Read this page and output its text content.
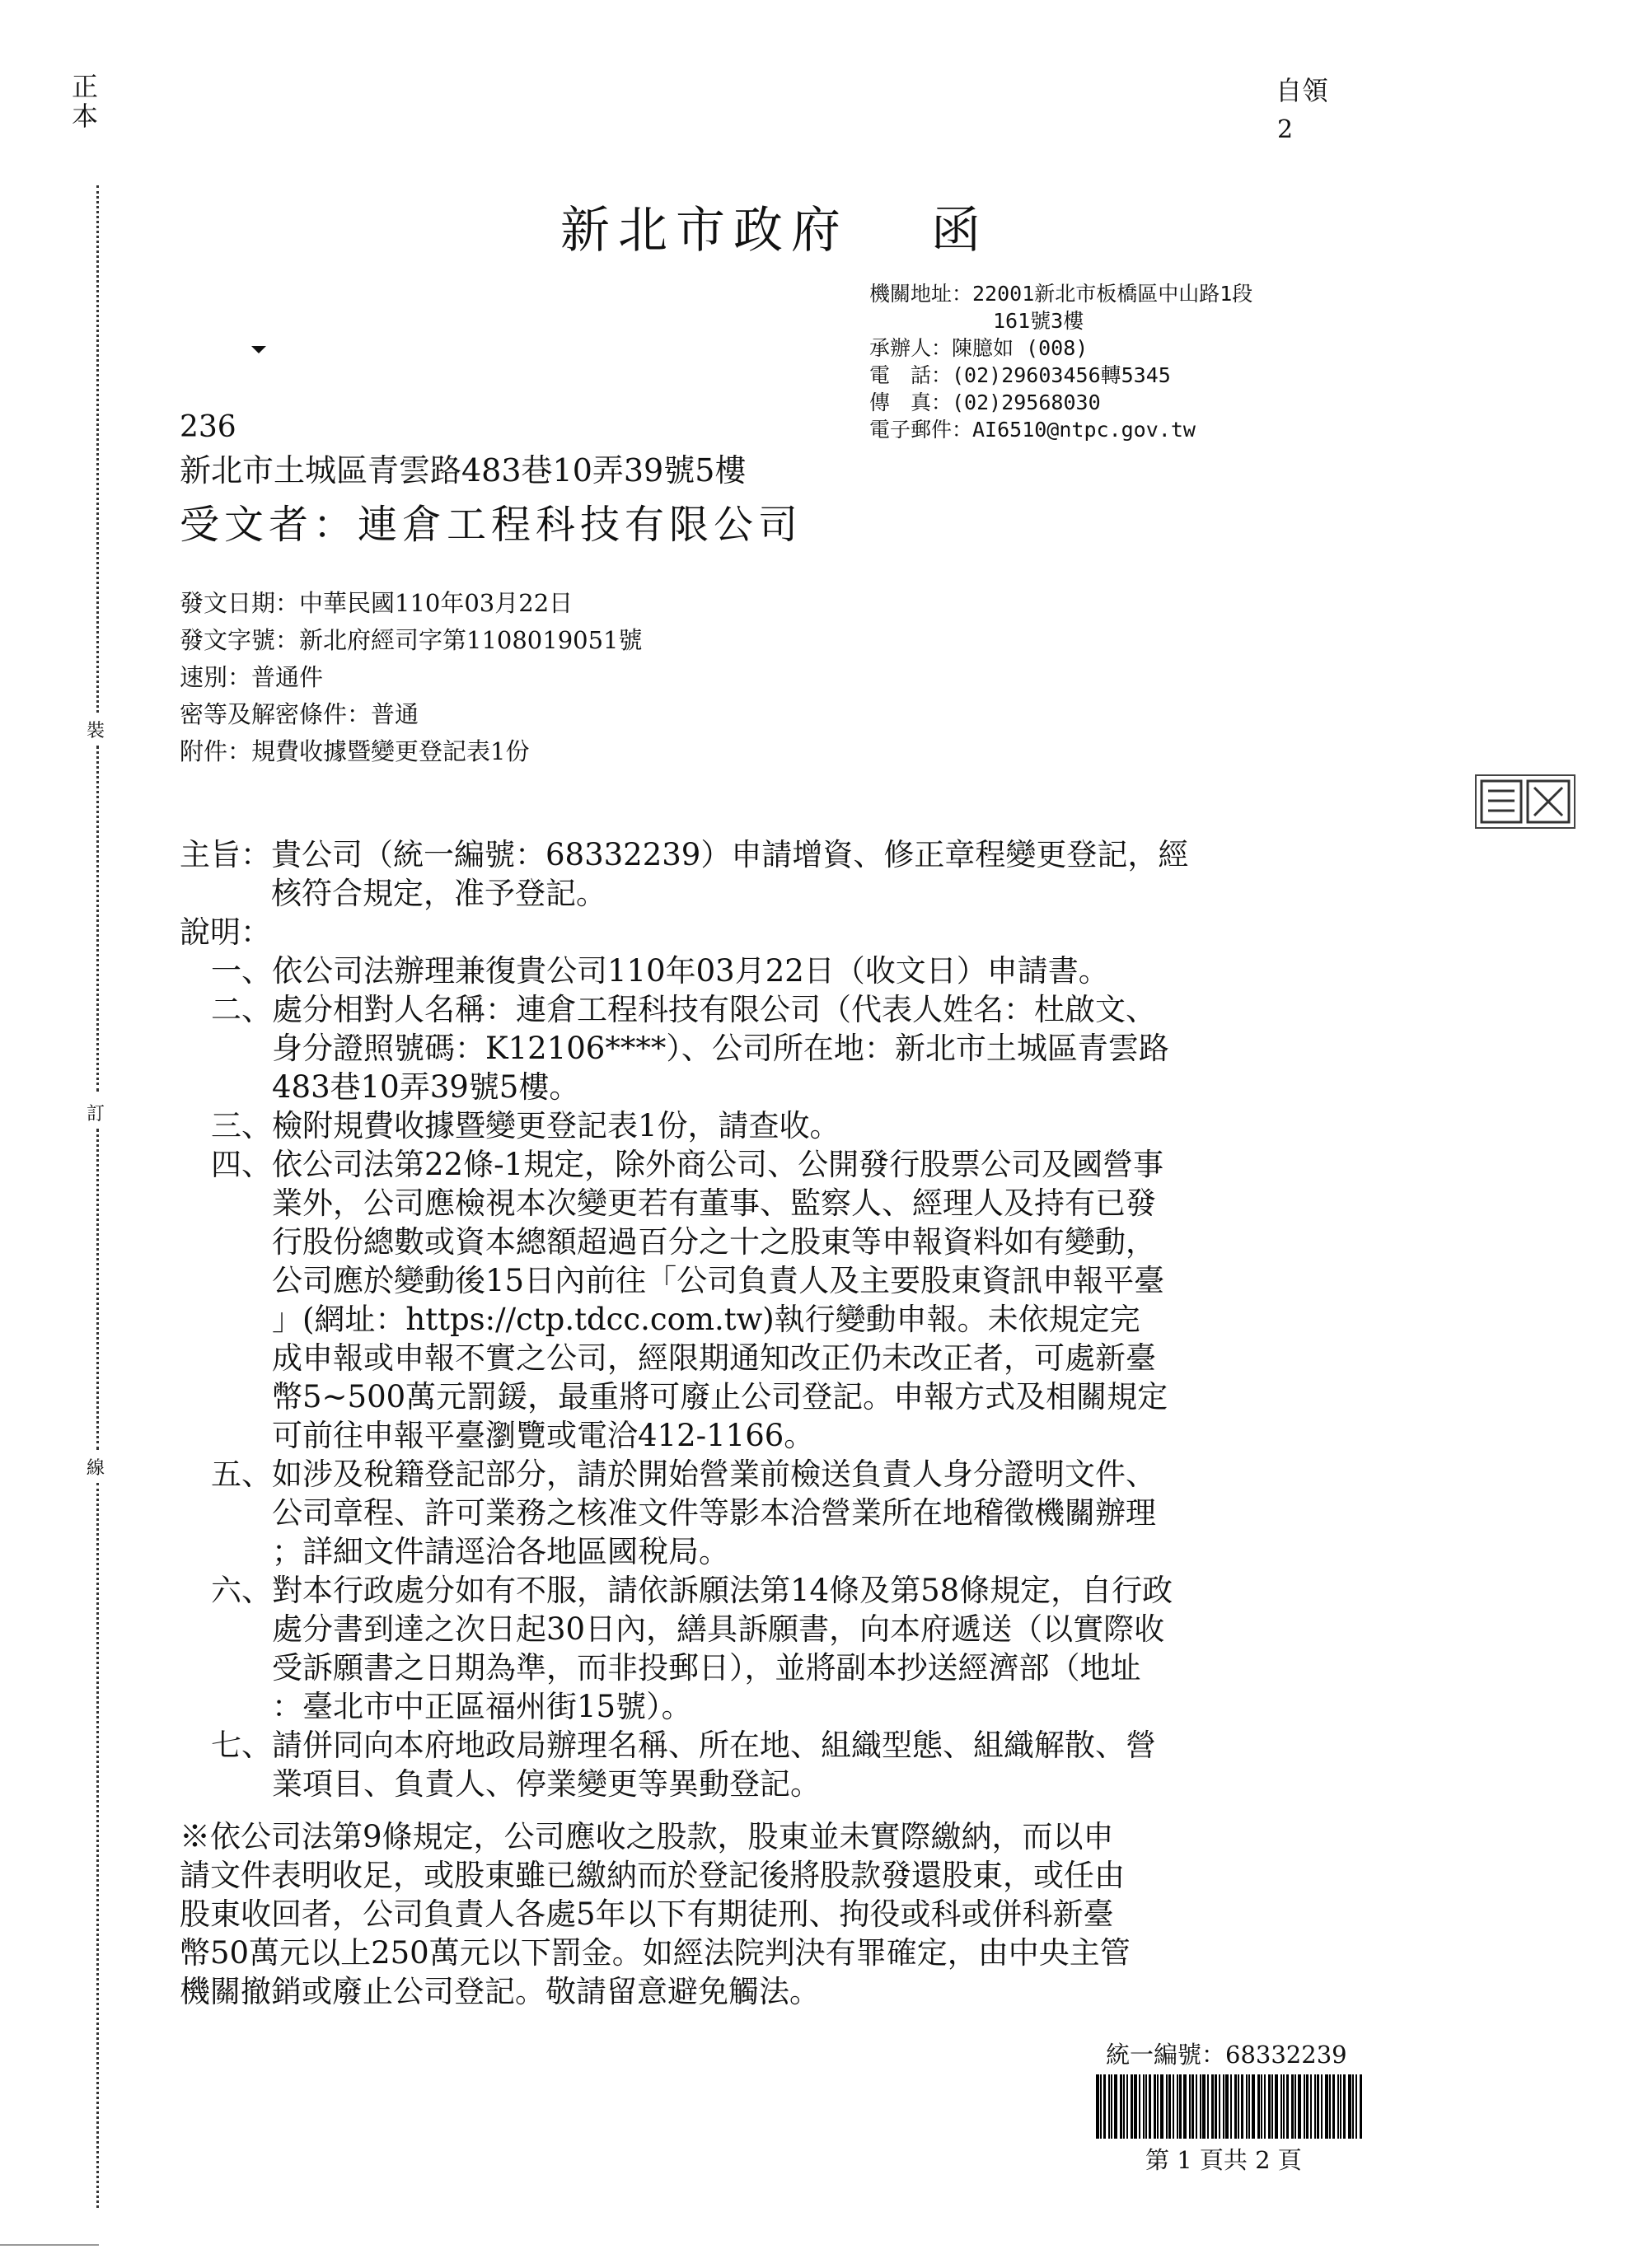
正本
裝
訂
線
自領
2
新北市政府 函
機關地址：22001新北市板橋區中山路1段
161號3樓
承辦人：陳臆如 (008)
電　話：(02)29603456轉5345
傳　真：(02)29568030
電子郵件：AI6510@ntpc.gov.tw
236
新北市土城區青雲路483巷10弄39號5樓
受文者：連倉工程科技有限公司
發文日期：中華民國110年03月22日
發文字號：新北府經司字第1108019051號
速別：普通件
密等及解密條件：普通
附件：規費收據暨變更登記表1份
主旨： 貴公司（統一編號：68332239）申請增資、修正章程變更登記，經
核符合規定，准予登記。
說明：
一、 依公司法辦理兼復貴公司110年03月22日（收文日）申請書。
二、 處分相對人名稱：連倉工程科技有限公司（代表人姓名：杜啟文、
身分證照號碼：K12106****）、公司所在地：新北市土城區青雲路
483巷10弄39號5樓。
三、 檢附規費收據暨變更登記表1份，請查收。
四、 依公司法第22條-1規定，除外商公司、公開發行股票公司及國營事
業外，公司應檢視本次變更若有董事、監察人、經理人及持有已發
行股份總數或資本總額超過百分之十之股東等申報資料如有變動，
公司應於變動後15日內前往「公司負責人及主要股東資訊申報平臺
」(網址：https://ctp.tdcc.com.tw)執行變動申報。未依規定完
成申報或申報不實之公司，經限期通知改正仍未改正者，可處新臺
幣5~500萬元罰鍰，最重將可廢止公司登記。申報方式及相關規定
可前往申報平臺瀏覽或電洽412-1166。
五、 如涉及稅籍登記部分，請於開始營業前檢送負責人身分證明文件、
公司章程、許可業務之核准文件等影本洽營業所在地稽徵機關辦理
；詳細文件請逕洽各地區國稅局。
六、 對本行政處分如有不服，請依訴願法第14條及第58條規定，自行政
處分書到達之次日起30日內，繕具訴願書，向本府遞送（以實際收
受訴願書之日期為準，而非投郵日），並將副本抄送經濟部（地址
：臺北市中正區福州街15號）。
七、 請併同向本府地政局辦理名稱、所在地、組織型態、組織解散、營
業項目、負責人、停業變更等異動登記。
※依公司法第9條規定，公司應收之股款，股東並未實際繳納，而以申
請文件表明收足，或股東雖已繳納而於登記後將股款發還股東，或任由
股東收回者，公司負責人各處5年以下有期徒刑、拘役或科或併科新臺
幣50萬元以上250萬元以下罰金。如經法院判決有罪確定，由中央主管
機關撤銷或廢止公司登記。敬請留意避免觸法。
統一編號：68332239
第 1 頁共 2 頁
